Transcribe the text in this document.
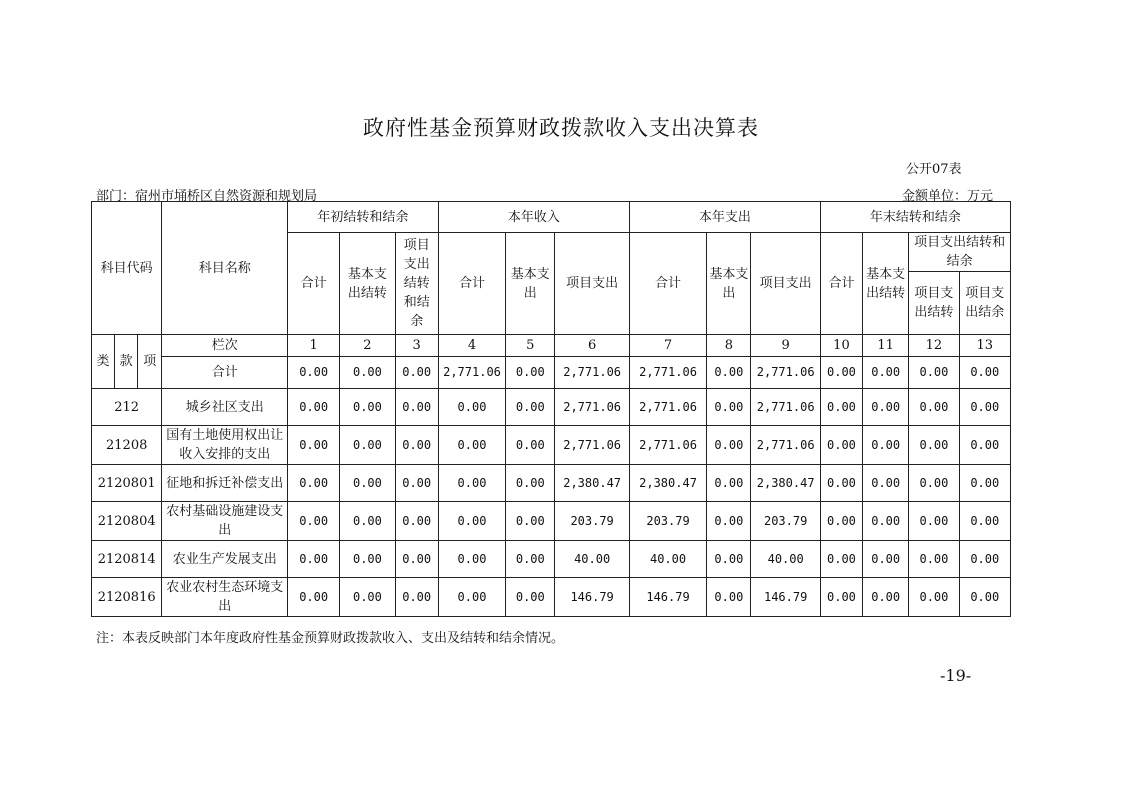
政府性基金预算财政拨款收入支出决算表
公开07表
部门：宿州市埇桥区自然资源和规划局	金额单位：万元
科目代码			科目名称	年初结转和结余			本年收入			本年支出			年末结转和结余			
				合计	基本支出结转	项目支出结转和结余	合计	基本支出	项目支出	合计	基本支出	项目支出	合计	基本支出结转	项目支出结转和结余	
															项目支出结转	项目支出结余
类	款	项	栏次	1	2	3	4	5	6	7	8	9	10	11	12	13
			合计	0.00	0.00	0.00	2,771.06	0.00	2,771.06	2,771.06	0.00	2,771.06	0.00	0.00	0.00	0.00
212			城乡社区支出	0.00	0.00	0.00	0.00	0.00	2,771.06	2,771.06	0.00	2,771.06	0.00	0.00	0.00	0.00
21208			国有土地使用权出让收入安排的支出	0.00	0.00	0.00	0.00	0.00	2,771.06	2,771.06	0.00	2,771.06	0.00	0.00	0.00	0.00
2120801			征地和拆迁补偿支出	0.00	0.00	0.00	0.00	0.00	2,380.47	2,380.47	0.00	2,380.47	0.00	0.00	0.00	0.00
2120804			农村基础设施建设支出	0.00	0.00	0.00	0.00	0.00	203.79	203.79	0.00	203.79	0.00	0.00	0.00	0.00
2120814			农业生产发展支出	0.00	0.00	0.00	0.00	0.00	40.00	40.00	0.00	40.00	0.00	0.00	0.00	0.00
2120816			农业农村生态环境支出	0.00	0.00	0.00	0.00	0.00	146.79	146.79	0.00	146.79	0.00	0.00	0.00	0.00
注：本表反映部门本年度政府性基金预算财政拨款收入、支出及结转和结余情况。
-19-
